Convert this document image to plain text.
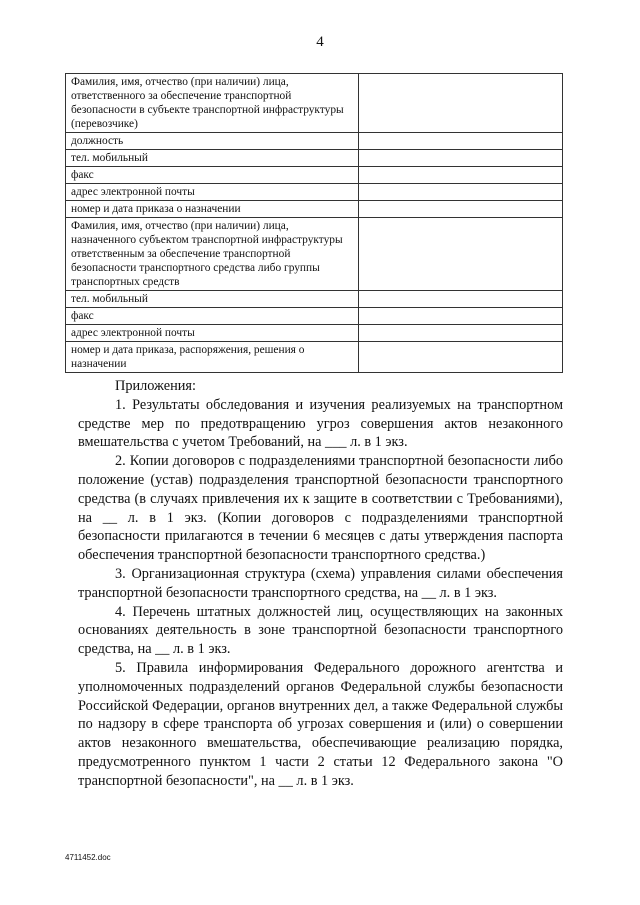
4
Фамилия, имя, отчество (при наличии) лица, ответственного за обеспечение транспортной безопасности в субъекте транспортной инфраструктуры (перевозчике)	
должность	
тел. мобильный	
факс	
адрес электронной почты	
номер и дата приказа о назначении	
Фамилия, имя, отчество (при наличии) лица, назначенного субъектом транспортной инфраструктуры ответственным за обеспечение транспортной безопасности транспортного средства либо группы транспортных средств	
тел. мобильный	
факс	
адрес электронной почты	
номер и дата приказа, распоряжения, решения о назначении	

Приложения:

1. Результаты обследования и изучения реализуемых на транспортном средстве мер по предотвращению угроз совершения актов незаконного вмешательства с учетом Требований, на ___ л. в 1 экз.

2. Копии договоров с подразделениями транспортной безопасности либо положение (устав) подразделения транспортной безопасности транспортного средства (в случаях привлечения их к защите в соответствии с Требованиями), на __ л. в 1 экз. (Копии договоров с подразделениями транспортной безопасности прилагаются в течении 6 месяцев с даты утверждения паспорта обеспечения транспортной безопасности транспортного средства.)

3. Организационная структура (схема) управления силами обеспечения транспортной безопасности транспортного средства, на __ л. в 1 экз.

4. Перечень штатных должностей лиц, осуществляющих на законных основаниях деятельность в зоне транспортной безопасности транспортного средства, на __ л. в 1 экз.

5. Правила информирования Федерального дорожного агентства и уполномоченных подразделений органов Федеральной службы безопасности Российской Федерации, органов внутренних дел, а также Федеральной службы по надзору в сфере транспорта об угрозах совершения и (или) о совершении актов незаконного вмешательства, обеспечивающие реализацию порядка, предусмотренного пунктом 1 части 2 статьи 12 Федерального закона "О транспортной безопасности", на __ л. в 1 экз.

4711452.doc
